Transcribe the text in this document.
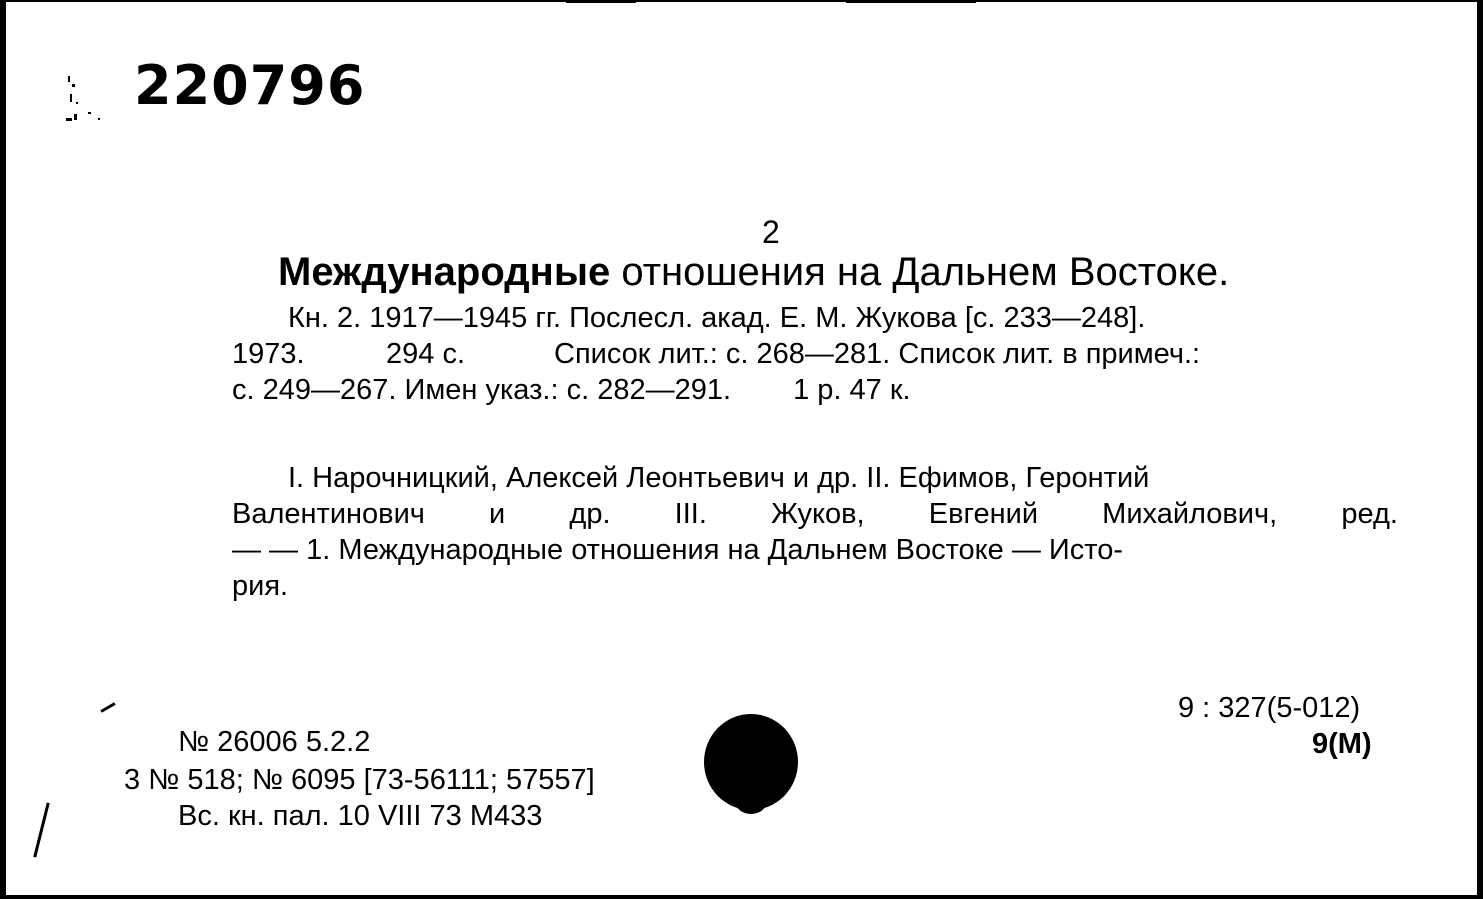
220796
2
Международные отношения на Дальнем Востоке.
Кн. 2. 1917—1945 гг. Послесл. акад. Е. М. Жукова [с. 233—248].
1973.	294 с.	Список лит.: с. 268—281. Список лит. в примеч.:
с. 249—267. Имен указ.: с. 282—291. 1 р. 47 к.
I. Нарочницкий, Алексей Леонтьевич и др. II. Ефимов, Геронтий
Валентинович и др. III. Жуков, Евгений Михайлович, ред.
— — 1. Международные отношения на Дальнем Востоке — Исто-
рия.
9 : 327(5-012)
9(M)
№ 26006 5.2.2
3 № 518; № 6095 [73-56111; 57557]
Вс. кн. пал. 10 VIII 73 М433
